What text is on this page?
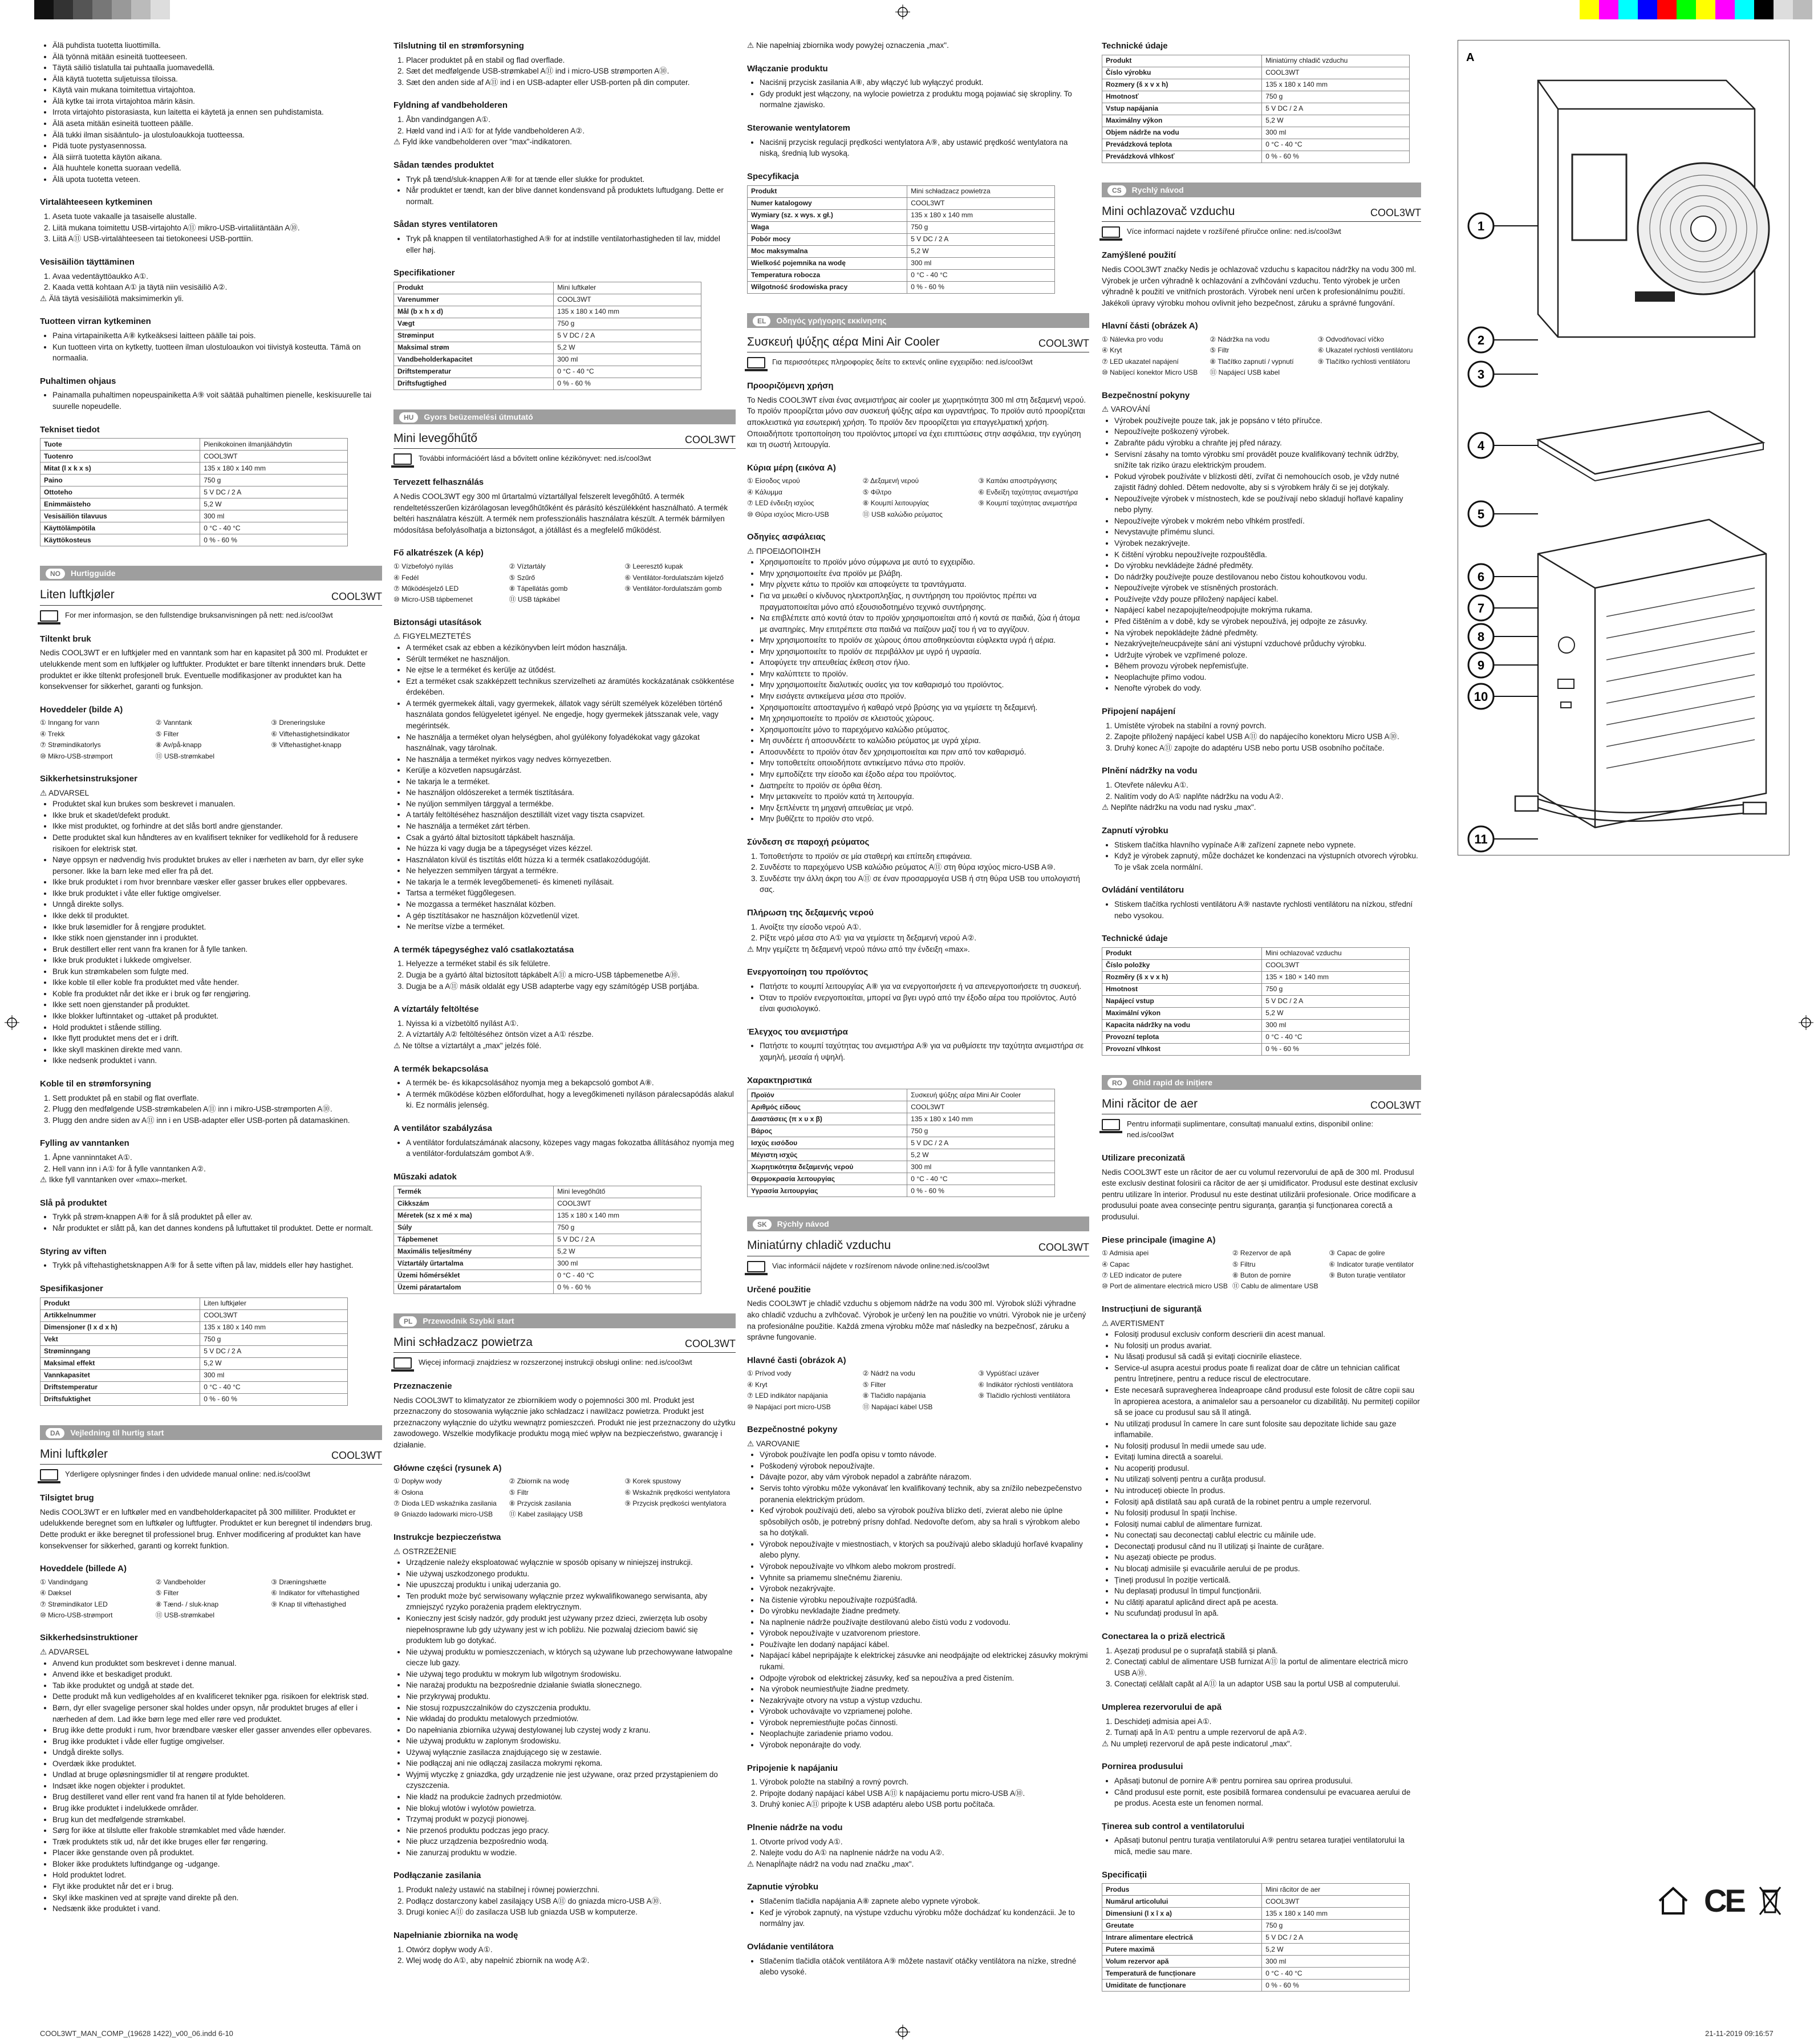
• Älä puhdista tuotetta liuottimilla.
• Älä työnnä mitään esineitä tuotteeseen.
• Täytä säiliö tislatulla tai puhtaalla juomavedellä.
• Älä käytä tuotetta suljetuissa tiloissa.
• Käytä vain mukana toimitettua virtajohtoa.
• Älä kytke tai irrota virtajohtoa märin käsin.
• Irrota virtajohto pistorasiasta, kun laitetta ei käytetä ja ennen sen puhdistamista.
• Älä aseta mitään esineitä tuotteen päälle.
• Älä tukki ilman sisääntulo- ja ulostuloaukkoja tuotteessa.
• Pidä tuote pystyasennossa.
• Älä siirrä tuotetta käytön aikana.
• Älä huuhtele konetta suoraan vedellä.
• Älä upota tuotetta veteen.
Virtalähteeseen kytkeminen
1. Aseta tuote vakaalle ja tasaiselle alustalle.
2. Liitä mukana toimitettu USB-virtajohto A⑪ mikro-USB-virtaliitäntään A⑩.
3. Liitä A⑪ USB-virtalähteeseen tai tietokoneesi USB-porttiin.
Vesisäiliön täyttäminen
1. Avaa vedentäyttöaukko A①.
2. Kaada vettä kohtaan A① ja täytä niin vesisäiliö A②.

⚠ Älä täytä vesisäiliötä maksimimerkin yli.

Tuotteen virran kytkeminen
• Paina virtapainiketta A⑧ kytkeäksesi laitteen päälle tai pois.
• Kun tuotteen virta on kytketty, tuotteen ilman ulostuloaukon voi tiivistyä kosteutta. Tämä on normaalia.
Puhaltimen ohjaus
• Painamalla puhaltimen nopeuspainiketta A⑨ voit säätää puhaltimen pienelle, keskisuurelle tai suurelle nopeudelle.
Tekniset tiedot
Tuote	Pienikokoinen ilmanjäähdytin
Tuotenro	COOL3WT
Mitat (l x k x s)	135 x 180 x 140 mm
Paino	750 g
Ottoteho	5 V DC / 2 A
Enimmäisteho	5,2 W
Vesisäiliön tilavuus	300 ml
Käyttölämpötila	0 °C - 40 °C
Käyttökosteus	0 % - 60 %
NO Hurtigguide
Liten luftkjøler	COOL3WT
For mer informasjon, se den fullstendige bruksanvisningen på nett: ned.is/cool3wt
Tiltenkt bruk

Nedis COOL3WT er en luftkjøler med en vanntank som har en kapasitet på 300 ml. Produktet er utelukkende ment som en luftkjøler og luftfukter. Produktet er bare tiltenkt innendørs bruk. Dette produktet er ikke tiltenkt profesjonell bruk. Eventuelle modifikasjoner av produktet kan ha konsekvenser for sikkerhet, garanti og funksjon.

Hoveddeler (bilde A)
① Inngang for vann	② Vanntank	③ Dreneringsluke
④ Trekk	⑤ Filter	⑥ Viftehastighetsindikator
⑦ Strømindikatorlys	⑧ Av/på-knapp	⑨ Viftehastighet-knapp
⑩ Mikro-USB-strømport	⑪ USB-strømkabel
Sikkerhetsinstruksjoner

⚠ ADVARSEL

• Produktet skal kun brukes som beskrevet i manualen.
• Ikke bruk et skadet/defekt produkt.
• Ikke mist produktet, og forhindre at det slås bortl andre gjenstander.
• Dette produktet skal kun håndteres av en kvalifisert tekniker for vedlikehold for å redusere risikoen for elektrisk støt.
• Nøye oppsyn er nødvendig hvis produktet brukes av eller i nærheten av barn, dyr eller syke personer. Ikke la barn leke med eller fra på det.
• Ikke bruk produktet i rom hvor brennbare væsker eller gasser brukes eller oppbevares.
• Ikke bruk produktet i våte eller fuktige omgivelser.
• Unngå direkte sollys.
• Ikke dekk til produktet.
• Ikke bruk løsemidler for å rengjøre produktet.
• Ikke stikk noen gjenstander inn i produktet.
• Bruk destillert eller rent vann fra kranen for å fylle tanken.
• Ikke bruk produktet i lukkede omgivelser.
• Bruk kun strømkabelen som fulgte med.
• Ikke koble til eller koble fra produktet med våte hender.
• Koble fra produktet når det ikke er i bruk og før rengjøring.
• Ikke sett noen gjenstander på produktet.
• Ikke blokker luftinntaket og -uttaket på produktet.
• Hold produktet i stående stilling.
• Ikke flytt produktet mens det er i drift.
• Ikke skyll maskinen direkte med vann.
• Ikke nedsenk produktet i vann.
Koble til en strømforsyning
1. Sett produktet på en stabil og flat overflate.
2. Plugg den medfølgende USB-strømkabelen A⑪ inn i mikro-USB-strømporten A⑩.
3. Plugg den andre siden av A⑪ inn i en USB-adapter eller USB-porten på datamaskinen.
Fylling av vanntanken
1. Åpne vanninntaket A①.
2. Hell vann inn i A① for å fylle vanntanken A②.

⚠ Ikke fyll vanntanken over «max»-merket.

Slå på produktet
• Trykk på strøm-knappen A⑧ for å slå produktet på eller av.
• Når produktet er slått på, kan det dannes kondens på luftuttaket til produktet. Dette er normalt.
Styring av viften
• Trykk på viftehastighetsknappen A⑨ for å sette viften på lav, middels eller høy hastighet.
Spesifikasjoner
Produkt	Liten luftkjøler
Artikkelnummer	COOL3WT
Dimensjoner (l x d x h)	135 x 180 x 140 mm
Vekt	750 g
Strøminngang	5 V DC / 2 A
Maksimal effekt	5,2 W
Vannkapasitet	300 ml
Driftstemperatur	0 °C - 40 °C
Driftsfuktighet	0 % - 60 %
DA Vejledning til hurtig start
Mini luftkøler	COOL3WT
Yderligere oplysninger findes i den udvidede manual online: ned.is/cool3wt
Tilsigtet brug

Nedis COOL3WT er en luftkøler med en vandbeholderkapacitet på 300 milliliter. Produktet er udelukkende beregnet som en luftkøler og luftfugter. Produktet er kun beregnet til indendørs brug. Dette produkt er ikke beregnet til professionel brug. Enhver modificering af produktet kan have konsekvenser for sikkerhed, garanti og korrekt funktion.

Hoveddele (billede A)
① Vandindgang	② Vandbeholder	③ Dræningshætte
④ Dæksel	⑤ Filter	⑥ Indikator for viftehastighed
⑦ Strømindikator LED	⑧ Tænd- / sluk-knap	⑨ Knap til viftehastighed
⑩ Micro-USB-strømport	⑪ USB-strømkabel
Sikkerhedsinstruktioner

⚠ ADVARSEL

• Anvend kun produktet som beskrevet i denne manual.
• Anvend ikke et beskadiget produkt.
• Tab ikke produktet og undgå at støde det.
• Dette produkt må kun vedligeholdes af en kvalificeret tekniker pga. risikoen for elektrisk stød.
• Børn, dyr eller svagelige personer skal holdes under opsyn, når produktet bruges af eller i nærheden af dem. Lad ikke børn lege med eller røre ved produktet.
• Brug ikke dette produkt i rum, hvor brændbare væsker eller gasser anvendes eller opbevares.
• Brug ikke produktet i våde eller fugtige omgivelser.
• Undgå direkte sollys.
• Overdæk ikke produktet.
• Undlad at bruge opløsningsmidler til at rengøre produktet.
• Indsæt ikke nogen objekter i produktet.
• Brug destilleret vand eller rent vand fra hanen til at fylde beholderen.
• Brug ikke produktet i indelukkede områder.
• Brug kun det medfølgende strømkabel.
• Sørg for ikke at tilslutte eller frakoble strømkablet med våde hænder.
• Træk produktets stik ud, når det ikke bruges eller før rengøring.
• Placer ikke genstande oven på produktet.
• Bloker ikke produktets luftindgange og -udgange.
• Hold produktet lodret.
• Flyt ikke produktet når det er i brug.
• Skyl ikke maskinen ved at sprøjte vand direkte på den.
• Nedsænk ikke produktet i vand.
Tilslutning til en strømforsyning
1. Placer produktet på en stabil og flad overflade.
2. Sæt det medfølgende USB-strømkabel A⑪ ind i micro-USB strømporten A⑩.
3. Sæt den anden side af A⑪ ind i en USB-adapter eller USB-porten på din computer.
Fyldning af vandbeholderen
1. Åbn vandindgangen A①.
2. Hæld vand ind i A① for at fylde vandbeholderen A②.

⚠ Fyld ikke vandbeholderen over "max"-indikatoren.

Sådan tændes produktet
• Tryk på tænd/sluk-knappen A⑧ for at tænde eller slukke for produktet.
• Når produktet er tændt, kan der blive dannet kondensvand på produktets luftudgang. Dette er normalt.
Sådan styres ventilatoren
• Tryk på knappen til ventilatorhastighed A⑨ for at indstille ventilatorhastigheden til lav, middel eller høj.
Specifikationer
Produkt	Mini luftkøler
Varenummer	COOL3WT
Mål (b x h x d)	135 x 180 x 140 mm
Vægt	750 g
Strøminput	5 V DC / 2 A
Maksimal strøm	5,2 W
Vandbeholderkapacitet	300 ml
Driftstemperatur	0 °C - 40 °C
Driftsfugtighed	0 % - 60 %
HU Gyors beüzemelési útmutató
Mini levegőhűtő	COOL3WT
További információért lásd a bővített online kézikönyvet: ned.is/cool3wt
Tervezett felhasználás

A Nedis COOL3WT egy 300 ml űrtartalmú víztartállyal felszerelt levegőhűtő. A termék rendeltetésszerűen kizárólagosan levegőhűtőként és párásító készülékként használható. A termék beltéri használatra készült. A termék nem professzionális használatra készült. A termék bármilyen módosítása befolyásolhatja a biztonságot, a jótállást és a megfelelő működést.

Fő alkatrészek (A kép)
① Vízbefolyó nyílás	② Víztartály	③ Leeresztő kupak
④ Fedél	⑤ Szűrő	⑥ Ventilátor-fordulatszám kijelző
⑦ Működésjelző LED	⑧ Tápellátás gomb	⑨ Ventilátor-fordulatszám gomb
⑩ Micro-USB tápbemenet	⑪ USB tápkábel
Biztonsági utasítások

⚠ FIGYELMEZTETÉS

• A terméket csak az ebben a kézikönyvben leírt módon használja.
• Sérült terméket ne használjon.
• Ne ejtse le a terméket és kerülje az ütődést.
• Ezt a terméket csak szakképzett technikus szervizelheti az áramütés kockázatának csökkentése érdekében.
• A termék gyermekek általi, vagy gyermekek, állatok vagy sérült személyek közelében történő használata gondos felügyeletet igényel. Ne engedje, hogy gyermekek játsszanak vele, vagy megérintsék.
• Ne használja a terméket olyan helységben, ahol gyúlékony folyadékokat vagy gázokat használnak, vagy tárolnak.
• Ne használja a terméket nyirkos vagy nedves környezetben.
• Kerülje a közvetlen napsugárzást.
• Ne takarja le a terméket.
• Ne használjon oldószereket a termék tisztítására.
• Ne nyúljon semmilyen tárggyal a termékbe.
• A tartály feltöltéséhez használjon desztillált vizet vagy tiszta csapvizet.
• Ne használja a terméket zárt térben.
• Csak a gyártó által biztosított tápkábelt használja.
• Ne húzza ki vagy dugja be a tápegységet vizes kézzel.
• Használaton kívül és tisztítás előtt húzza ki a termék csatlakozódugóját.
• Ne helyezzen semmilyen tárgyat a termékre.
• Ne takarja le a termék levegőbemeneti- és kimeneti nyílásait.
• Tartsa a terméket függőlegesen.
• Ne mozgassa a terméket használat közben.
• A gép tisztításakor ne használjon közvetlenül vizet.
• Ne merítse vízbe a terméket.
A termék tápegységhez való csatlakoztatása
1. Helyezze a terméket stabil és sík felületre.
2. Dugja be a gyártó által biztosított tápkábelt A⑪ a micro-USB tápbemenetbe A⑩.
3. Dugja be a A⑪ másik oldalát egy USB adapterbe vagy egy számítógép USB portjába.
A víztartály feltöltése
1. Nyissa ki a vízbetöltő nyílást A①.
2. A víztartály A② feltöltéséhez öntsön vizet a A① részbe.

⚠ Ne töltse a víztartályt a „max" jelzés fölé.

A termék bekapcsolása
• A termék be- és kikapcsolásához nyomja meg a bekapcsoló gombot A⑧.
• A termék működése közben előfordulhat, hogy a levegőkimeneti nyíláson páralecsapódás alakul ki. Ez normális jelenség.
A ventilátor szabályzása
• A ventilátor fordulatszámának alacsony, közepes vagy magas fokozatba állításához nyomja meg a ventilátor-fordulatszám gombot A⑨.
Műszaki adatok
Termék	Mini levegőhűtő
Cikkszám	COOL3WT
Méretek (sz x mé x ma)	135 x 180 x 140 mm
Súly	750 g
Tápbemenet	5 V DC / 2 A
Maximális teljesítmény	5,2 W
Víztartály űrtartalma	300 ml
Üzemi hőmérséklet	0 °C - 40 °C
Üzemi páratartalom	0 % - 60 %
PL Przewodnik Szybki start
Mini schładzacz powietrza	COOL3WT
Więcej informacji znajdziesz w rozszerzonej instrukcji obsługi online: ned.is/cool3wt
Przeznaczenie

Nedis COOL3WT to klimatyzator ze zbiornikiem wody o pojemności 300 ml. Produkt jest przeznaczony do stosowania wyłącznie jako schładzacz i nawilżacz powietrza. Produkt jest przeznaczony wyłącznie do użytku wewnątrz pomieszczeń. Produkt nie jest przeznaczony do użytku zawodowego. Wszelkie modyfikacje produktu mogą mieć wpływ na bezpieczeństwo, gwarancję i działanie.

Główne części (rysunek A)
① Dopływ wody	② Zbiornik na wodę	③ Korek spustowy
④ Osłona	⑤ Filtr	⑥ Wskaźnik prędkości wentylatora
⑦ Dioda LED wskaźnika zasilania	⑧ Przycisk zasilania	⑨ Przycisk prędkości wentylatora
⑩ Gniazdo ładowarki micro-USB	⑪ Kabel zasilający USB
Instrukcje bezpieczeństwa

⚠ OSTRZEŻENIE

• Urządzenie należy eksploatować wyłącznie w sposób opisany w niniejszej instrukcji.
• Nie używaj uszkodzonego produktu.
• Nie upuszczaj produktu i unikaj uderzania go.
• Ten produkt może być serwisowany wyłącznie przez wykwalifikowanego serwisanta, aby zmniejszyć ryzyko porażenia prądem elektrycznym.
• Konieczny jest ścisły nadzór, gdy produkt jest używany przez dzieci, zwierzęta lub osoby niepełnosprawne lub gdy używany jest w ich pobliżu. Nie pozwalaj dzieciom bawić się produktem lub go dotykać.
• Nie używaj produktu w pomieszczeniach, w których są używane lub przechowywane łatwopalne ciecze lub gazy.
• Nie używaj tego produktu w mokrym lub wilgotnym środowisku.
• Nie narażaj produktu na bezpośrednie działanie światła słonecznego.
• Nie przykrywaj produktu.
• Nie stosuj rozpuszczalników do czyszczenia produktu.
• Nie wkładaj do produktu metalowych przedmiotów.
• Do napełniania zbiornika używaj destylowanej lub czystej wody z kranu.
• Nie używaj produktu w zaplonym środowisku.
• Używaj wyłącznie zasilacza znajdującego się w zestawie.
• Nie podłączaj ani nie odłączaj zasilacza mokrymi rękoma.
• Wyjmij wtyczkę z gniazdka, gdy urządzenie nie jest używane, oraz przed przystąpieniem do czyszczenia.
• Nie kładź na produkcie żadnych przedmiotów.
• Nie blokuj wlotów i wylotów powietrza.
• Trzymaj produkt w pozycji pionowej.
• Nie przenoś produktu podczas jego pracy.
• Nie płucz urządzenia bezpośrednio wodą.
• Nie zanurzaj produktu w wodzie.
Podłączanie zasilania
1. Produkt należy ustawić na stabilnej i równej powierzchni.
2. Podłącz dostarczony kabel zasilający USB A⑪ do gniazda micro-USB A⑩.
3. Drugi koniec A⑪ do zasilacza USB lub gniazda USB w komputerze.
Napełnianie zbiornika na wodę
1. Otwórz dopływ wody A①.
2. Wlej wodę do A①, aby napełnić zbiornik na wodę A②.

⚠ Nie napełniaj zbiornika wody powyżej oznaczenia „max".

Włączanie produktu
• Naciśnij przycisk zasilania A⑧, aby włączyć lub wyłączyć produkt.
• Gdy produkt jest włączony, na wylocie powietrza z produktu mogą pojawiać się skropliny. To normalne zjawisko.
Sterowanie wentylatorem
• Naciśnij przycisk regulacji prędkości wentylatora A⑨, aby ustawić prędkość wentylatora na niską, średnią lub wysoką.
Specyfikacja
Produkt	Mini schładzacz powietrza
Numer katalogowy	COOL3WT
Wymiary (sz. x wys. x gł.)	135 x 180 x 140 mm
Waga	750 g
Pobór mocy	5 V DC / 2 A
Moc maksymalna	5,2 W
Wielkość pojemnika na wodę	300 ml
Temperatura robocza	0 °C - 40 °C
Wilgotność środowiska pracy	0 % - 60 %
EL Οδηγός γρήγορης εκκίνησης
Συσκευή ψύξης αέρα Mini Air Cooler	COOL3WT
Για περισσότερες πληροφορίες δείτε το εκτενές online εγχειρίδιο: ned.is/cool3wt
Προοριζόμενη χρήση

Το Nedis COOL3WT είναι ένας ανεμιστήρας air cooler με χωρητικότητα 300 ml στη δεξαμενή νερού. Το προϊόν προορίζεται μόνο σαν συσκευή ψύξης αέρα και υγραντήρας. Το προϊόν αυτό προορίζεται αποκλειστικά για εσωτερική χρήση. Το προϊόν δεν προορίζεται για επαγγελματική χρήση. Οποιαδήποτε τροποποίηση του προϊόντος μπορεί να έχει επιπτώσεις στην ασφάλεια, την εγγύηση και τη σωστή λειτουργία.

Κύρια μέρη (εικόνα A)
① Είσοδος νερού	② Δεξαμενή νερού	③ Καπάκι αποστράγγισης
④ Κάλυμμα	⑤ Φίλτρο	⑥ Ενδείξη ταχύτητας ανεμιστήρα
⑦ LED ένδειξη ισχύος	⑧ Κουμπί λειτουργίας	⑨ Κουμπί ταχύτητας ανεμιστήρα
⑩ Θύρα ισχύος Micro-USB	⑪ USB καλώδιο ρεύματος
Οδηγίες ασφάλειας

⚠ ΠΡΟΕΙΔΟΠΟΙΗΣΗ

• Χρησιμοποιείτε το προϊόν μόνο σύμφωνα με αυτό το εγχειρίδιο.
• Μην χρησιμοποιείτε ένα προϊόν με βλάβη.
• Μην ρίχνετε κάτω το προϊόν και αποφεύγετε τα τραντάγματα.
• Για να μειωθεί ο κίνδυνος ηλεκτροπληξίας, η συντήρηση του προϊόντος πρέπει να πραγματοποιείται μόνο από εξουσιοδοτημένο τεχνικό συντήρησης.
• Να επιβλέπετε από κοντά όταν το προϊόν χρησιμοποιείται από ή κοντά σε παιδιά, ζώα ή άτομα με αναπηρίες. Μην επιτρέπετε στα παιδιά να παίζουν μαζί του ή να το αγγίζουν.
• Μην χρησιμοποιείτε το προϊόν σε χώρους όπου αποθηκεύονται εύφλεκτα υγρά ή αέρια.
• Μην χρησιμοποιείτε το προϊόν σε περιβάλλον με υγρό ή υγρασία.
• Αποφύγετε την απευθείας έκθεση στον ήλιο.
• Μην καλύπτετε το προϊόν.
• Μην χρησιμοποιείτε διαλυτικές ουσίες για τον καθαρισμό του προϊόντος.
• Μην εισάγετε αντικείμενα μέσα στο προϊόν.
• Χρησιμοποιείτε αποσταγμένο ή καθαρό νερό βρύσης για να γεμίσετε τη δεξαμενή.
• Μη χρησιμοποιείτε το προϊόν σε κλειστούς χώρους.
• Χρησιμοποιείτε μόνο το παρεχόμενο καλώδιο ρεύματος.
• Μη συνδέετε ή αποσυνδέετε το καλώδιο ρεύματος με υγρά χέρια.
• Αποσυνδέετε το προϊόν όταν δεν χρησιμοποιείται και πριν από τον καθαρισμό.
• Μην τοποθετείτε οποιοδήποτε αντικείμενο πάνω στο προϊόν.
• Μην εμποδίζετε την είσοδο και έξοδο αέρα του προϊόντος.
• Διατηρείτε το προϊόν σε όρθια θέση.
• Μην μετακινείτε το προϊόν κατά τη λειτουργία.
• Μην ξεπλένετε τη μηχανή απευθείας με νερό.
• Μην βυθίζετε το προϊόν στο νερό.
Σύνδεση σε παροχή ρεύματος
1. Τοποθετήστε το προϊόν σε μία σταθερή και επίπεδη επιφάνεια.
2. Συνδέστε το παρεχόμενο USB καλώδιο ρεύματος A⑪ στη θύρα ισχύος micro-USB A⑩.
3. Συνδέστε την άλλη άκρη του A⑪ σε έναν προσαρμογέα USB ή στη θύρα USB του υπολογιστή σας.
Πλήρωση της δεξαμενής νερού
1. Ανοίξτε την είσοδο νερού A①.
2. Ρίξτε νερό μέσα στο A① για να γεμίσετε τη δεξαμενή νερού A②.

⚠ Μην γεμίζετε τη δεξαμενή νερού πάνω από την ένδειξη «max».

Ενεργοποίηση του προϊόντος
• Πατήστε το κουμπί λειτουργίας A⑧ για να ενεργοποιήσετε ή να απενεργοποιήσετε τη συσκευή.
• Όταν το προϊόν ενεργοποιείται, μπορεί να βγει υγρό από την έξοδο αέρα του προϊόντος. Αυτό είναι φυσιολογικό.
Έλεγχος του ανεμιστήρα
• Πατήστε το κουμπί ταχύτητας του ανεμιστήρα A⑨ για να ρυθμίσετε την ταχύτητα ανεμιστήρα σε χαμηλή, μεσαία ή υψηλή.
Χαρακτηριστικά
Προϊόν	Συσκευή ψύξης αέρα Mini Air Cooler
Αριθμός είδους	COOL3WT
Διαστάσεις (π x υ x β)	135 x 180 x 140 mm
Βάρος	750 g
Ισχύς εισόδου	5 V DC / 2 A
Μέγιστη ισχύς	5,2 W
Χωρητικότητα δεξαμενής νερού	300 ml
Θερμοκρασία λειτουργίας	0 °C - 40 °C
Υγρασία λειτουργίας	0 % - 60 %
SK Rýchly návod
Miniatúrny chladič vzduchu	COOL3WT
Viac informácií nájdete v rozšírenom návode online:ned.is/cool3wt
Určené použitie

Nedis COOL3WT je chladič vzduchu s objemom nádrže na vodu 300 ml. Výrobok slúži výhradne ako chladič vzduchu a zvlhčovač. Výrobok je určený len na použitie vo vnútri. Výrobok nie je určený na profesionálne použitie. Každá zmena výrobku môže mať následky na bezpečnosť, záruku a správne fungovanie.

Hlavné časti (obrázok A)
① Prívod vody	② Nádrž na vodu	③ Vypúšťací uzáver
④ Kryt	⑤ Filter	⑥ Indikátor rýchlosti ventilátora
⑦ LED indikátor napájania	⑧ Tlačidlo napájania	⑨ Tlačidlo rýchlosti ventilátora
⑩ Napájací port micro-USB	⑪ Napájací kábel USB
Bezpečnostné pokyny

⚠ VAROVANIE

• Výrobok používajte len podľa opisu v tomto návode.
• Poškodený výrobok nepoužívajte.
• Dávajte pozor, aby vám výrobok nepadol a zabráňte nárazom.
• Servis tohto výrobku môže vykonávať len kvalifikovaný technik, aby sa znížilo nebezpečenstvo poranenia elektrickým prúdom.
• Keď výrobok používajú deti, alebo sa výrobok používa blízko detí, zvierat alebo nie úplne spôsobilých osôb, je potrebný prísny dohľad. Nedovoľte deťom, aby sa hrali s výrobkom alebo sa ho dotýkali.
• Výrobok nepoužívajte v miestnostiach, v ktorých sa používajú alebo skladujú horľavé kvapaliny alebo plyny.
• Výrobok nepoužívajte vo vlhkom alebo mokrom prostredí.
• Vyhnite sa priamemu slnečnému žiareniu.
• Výrobok nezakrývajte.
• Na čistenie výrobku nepoužívajte rozpúšťadlá.
• Do výrobku nevkladajte žiadne predmety.
• Na naplnenie nádrže používajte destilovanú alebo čistú vodu z vodovodu.
• Výrobok nepoužívajte v uzatvorenom priestore.
• Používajte len dodaný napájací kábel.
• Napájací kábel nepripájajte k elektrickej zásuvke ani neodpájajte od elektrickej zásuvky mokrými rukami.
• Odpojte výrobok od elektrickej zásuvky, keď sa nepoužíva a pred čistením.
• Na výrobok neumiestňujte žiadne predmety.
• Nezakrývajte otvory na vstup a výstup vzduchu.
• Výrobok uchovávajte vo vzpriamenej polohe.
• Výrobok nepremiestňujte počas činnosti.
• Neoplachujte zariadenie priamo vodou.
• Výrobok neponárajte do vody.
Pripojenie k napájaniu
1. Výrobok položte na stabilný a rovný povrch.
2. Pripojte dodaný napájací kábel USB A⑪ k napájaciemu portu micro-USB A⑩.
3. Druhý koniec A⑪ pripojte k USB adaptéru alebo USB portu počítača.
Plnenie nádrže na vodu
1. Otvorte prívod vody A①.
2. Nalejte vodu do A① na naplnenie nádrže na vodu A②.

⚠ Nenapĺňajte nádrž na vodu nad značku „max".

Zapnutie výrobku
• Stlačením tlačidla napájania A⑧ zapnete alebo vypnete výrobok.
• Keď je výrobok zapnutý, na výstupe vzduchu výrobku môže dochádzať ku kondenzácii. Je to normálny jav.
Ovládanie ventilátora
• Stlačením tlačidla otáčok ventilátora A⑨ môžete nastaviť otáčky ventilátora na nízke, stredné alebo vysoké.
Technické údaje
Produkt	Miniatúrny chladič vzduchu
Číslo výrobku	COOL3WT
Rozmery (š x v x h)	135 x 180 x 140 mm
Hmotnosť	750 g
Vstup napájania	5 V DC / 2 A
Maximálny výkon	5,2 W
Objem nádrže na vodu	300 ml
Prevádzková teplota	0 °C - 40 °C
Prevádzková vlhkosť	0 % - 60 %
CS Rychlý návod
Mini ochlazovač vzduchu	COOL3WT
Více informací najdete v rozšířené příručce online: ned.is/cool3wt
Zamýšlené použití

Nedis COOL3WT značky Nedis je ochlazovač vzduchu s kapacitou nádržky na vodu 300 ml. Výrobek je určen výhradně k ochlazování a zvlhčování vzduchu. Tento výrobek je určen výhradně k použití ve vnitřních prostorách. Výrobek není určen k profesionálnímu použití. Jakékoli úpravy výrobku mohou ovlivnit jeho bezpečnost, záruku a správné fungování.

Hlavní části (obrázek A)
① Nálevka pro vodu	② Nádržka na vodu	③ Odvodňovací víčko
④ Kryt	⑤ Filtr	⑥ Ukazatel rychlosti ventilátoru
⑦ LED ukazatel napájení	⑧ Tlačítko zapnutí / vypnutí	⑨ Tlačítko rychlosti ventilátoru
⑩ Nabíjecí konektor Micro USB	⑪ Napájecí USB kabel
Bezpečnostní pokyny

⚠ VAROVÁNÍ

• Výrobek používejte pouze tak, jak je popsáno v této příručce.
• Nepoužívejte poškozený výrobek.
• Zabraňte pádu výrobku a chraňte jej před nárazy.
• Servisní zásahy na tomto výrobku smí provádět pouze kvalifikovaný technik údržby, snížíte tak riziko úrazu elektrickým proudem.
• Pokud výrobek používáte v blízkosti dětí, zvířat či nemohoucích osob, je vždy nutné zajistit řádný dohled. Dětem nedovolte, aby si s výrobkem hrály či se jej dotýkaly.
• Nepoužívejte výrobek v místnostech, kde se používají nebo skladují hořlavé kapaliny nebo plyny.
• Nepoužívejte výrobek v mokrém nebo vlhkém prostředí.
• Nevystavujte přímému slunci.
• Výrobek nezakrývejte.
• K čištění výrobku nepoužívejte rozpouštědla.
• Do výrobku nevkládejte žádné předměty.
• Do nádržky používejte pouze destilovanou nebo čistou kohoutkovou vodu.
• Nepoužívejte výrobek ve stísněných prostorách.
• Používejte vždy pouze přiložený napájecí kabel.
• Napájecí kabel nezapojujte/neodpojujte mokrýma rukama.
• Před čištěním a v době, kdy se výrobek nepoužívá, jej odpojte ze zásuvky.
• Na výrobek nepokládejte žádné předměty.
• Nezakrývejte/neucpávejte sání ani výstupní vzduchové průduchy výrobku.
• Udržujte výrobek ve vzpřímené poloze.
• Během provozu výrobek nepřemisťujte.
• Neoplachujte přímo vodou.
• Nenořte výrobek do vody.
Připojení napájení
1. Umístěte výrobek na stabilní a rovný povrch.
2. Zapojte přiložený napájecí kabel USB A⑪ do napájecího konektoru Micro USB A⑩.
3. Druhý konec A⑪ zapojte do adaptéru USB nebo portu USB osobního počítače.
Plnění nádržky na vodu
1. Otevřete nálevku A①.
2. Nalitím vody do A① naplňte nádržku na vodu A②.

⚠ Neplňte nádržku na vodu nad rysku „max".

Zapnutí výrobku
• Stiskem tlačítka hlavního vypínače A⑧ zařízení zapnete nebo vypnete.
• Když je výrobek zapnutý, může docházet ke kondenzaci na výstupních otvorech výrobku. To je však zcela normální.
Ovládání ventilátoru
• Stiskem tlačítka rychlosti ventilátoru A⑨ nastavte rychlosti ventilátoru na nízkou, střední nebo vysokou.
Technické údaje
Produkt	Mini ochlazovač vzduchu
Číslo položky	COOL3WT
Rozměry (š x v x h)	135 × 180 × 140 mm
Hmotnost	750 g
Napájecí vstup	5 V DC / 2 A
Maximální výkon	5,2 W
Kapacita nádržky na vodu	300 ml
Provozní teplota	0 °C - 40 °C
Provozní vlhkost	0 % - 60 %
RO Ghid rapid de inițiere
Mini răcitor de aer	COOL3WT
Pentru informații suplimentare, consultați manualul extins, disponibil online: ned.is/cool3wt
Utilizare preconizată

Nedis COOL3WT este un răcitor de aer cu volumul rezervorului de apă de 300 ml. Produsul este exclusiv destinat folosirii ca răcitor de aer și umidificator. Produsul este destinat exclusiv pentru utilizare în interior. Produsul nu este destinat utilizării profesionale. Orice modificare a produsului poate avea consecințe pentru siguranța, garanția și funcționarea corectă a produsului.

Piese principale (imagine A)
① Admisia apei	② Rezervor de apă	③ Capac de golire
④ Capac	⑤ Filtru	⑥ Indicator turație ventilator
⑦ LED indicator de putere	⑧ Buton de pornire	⑨ Buton turație ventilator
⑩ Port de alimentare electrică micro USB ⑪ Cablu de alimentare USB
Instrucțiuni de siguranță

⚠ AVERTISMENT

• Folosiți produsul exclusiv conform descrierii din acest manual.
• Nu folosiți un produs avariat.
• Nu lăsați produsul să cadă și evitați ciocnirile eliastece.
• Service-ul asupra acestui produs poate fi realizat doar de către un tehnician calificat pentru întreținere, pentru a reduce riscul de electrocutare.
• Este necesară supravegherea îndeaproape când produsul este folosit de către copii sau în apropierea acestora, a animalelor sau a persoanelor cu dizabilități. Nu permiteți copiilor să se joace cu produsul sau să îl atingă.
• Nu utilizați produsul în camere în care sunt folosite sau depozitate lichide sau gaze inflamabile.
• Nu folosiți produsul în medii umede sau ude.
• Evitați lumina directă a soarelui.
• Nu acoperiți produsul.
• Nu utilizați solvenți pentru a curăța produsul.
• Nu introduceți obiecte în produs.
• Folosiți apă distilată sau apă curată de la robinet pentru a umple rezervorul.
• Nu folosiți produsul în spații închise.
• Folosiți numai cablul de alimentare furnizat.
• Nu conectați sau deconectați cablul electric cu mâinile ude.
• Deconectați produsul când nu îl utilizați și înainte de curățare.
• Nu așezați obiecte pe produs.
• Nu blocați admisiile și evacuările aerului de pe produs.
• Țineți produsul în poziție verticală.
• Nu deplasați produsul în timpul funcționării.
• Nu clătiți aparatul aplicând direct apă pe acesta.
• Nu scufundați produsul în apă.
Conectarea la o priză electrică
1. Așezați produsul pe o suprafață stabilă și plană.
2. Conectați cablul de alimentare USB furnizat A⑪ la portul de alimentare electrică micro USB A⑩.
3. Conectați celălalt capăt al A⑪ la un adaptor USB sau la portul USB al computerului.
Umplerea rezervorului de apă
1. Deschideți admisia apei A①.
2. Turnați apă în A① pentru a umple rezervorul de apă A②.

⚠ Nu umpleți rezervorul de apă peste indicatorul „max".

Pornirea produsului
• Apăsați butonul de pornire A⑧ pentru pornirea sau oprirea produsului.
• Când produsul este pornit, este posibilă formarea condensului pe evacuarea aerului de pe produs. Acesta este un fenomen normal.
Ținerea sub control a ventilatorului
• Apăsați butonul pentru turația ventilatorului A⑨ pentru setarea turației ventilatorului la mică, medie sau mare.
Specificații
Produs	Mini răcitor de aer
Numărul articolului	COOL3WT
Dimensiuni (l x î x a)	135 x 180 x 140 mm
Greutate	750 g
Intrare alimentare electrică	5 V DC / 2 A
Putere maximă	5,2 W
Volum rezervor apă	300 ml
Temperatură de funcționare	0 °C - 40 °C
Umiditate de funcționare	0 % - 60 %
A
1
2
3
4
5
6
7
8
9
10
11
CE
COOL3WT_MAN_COMP_(19628 1422)_v00_06.indd 6-10	21-11-2019 09:16:57
